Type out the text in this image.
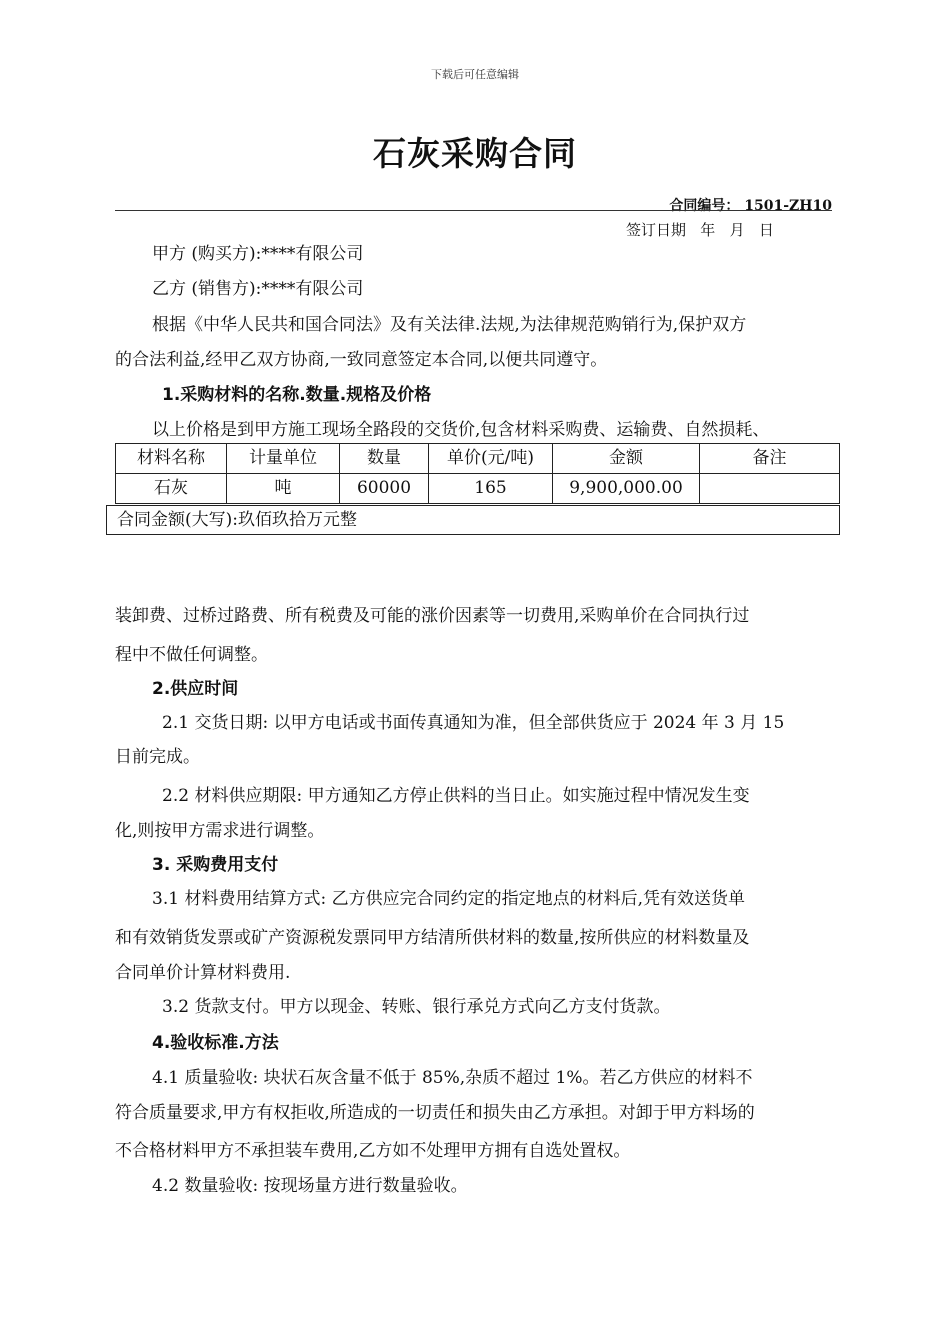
下载后可任意编辑
石灰采购合同
合同编号： 1501-ZH10
签订日期   年   月   日
甲方 (购买方):****有限公司
乙方 (销售方):****有限公司
根据《中华人民共和国合同法》及有关法律.法规,为法律规范购销行为,保护双方
的合法利益,经甲乙双方协商,一致同意签定本合同,以便共同遵守。
1.采购材料的名称.数量.规格及价格
以上价格是到甲方施工现场全路段的交货价,包含材料采购费、运输费、自然损耗、
材料名称	计量单位	数量	单价(元/吨)	金额	备注
石灰	吨	60000	165	9,900,000.00	
合同金额(大写):玖佰玖拾万元整
装卸费、过桥过路费、所有税费及可能的涨价因素等一切费用,采购单价在合同执行过
程中不做任何调整。
2.供应时间
2.1 交货日期: 以甲方电话或书面传真通知为准，但全部供货应于 2024 年 3 月 15
日前完成。
2.2 材料供应期限: 甲方通知乙方停止供料的当日止。如实施过程中情况发生变
化,则按甲方需求进行调整。
3. 采购费用支付
3.1 材料费用结算方式: 乙方供应完合同约定的指定地点的材料后,凭有效送货单
和有效销货发票或矿产资源税发票同甲方结清所供材料的数量,按所供应的材料数量及
合同单价计算材料费用.
3.2 货款支付。甲方以现金、转账、银行承兑方式向乙方支付货款。
4.验收标准.方法
4.1 质量验收: 块状石灰含量不低于 85%,杂质不超过 1%。若乙方供应的材料不
符合质量要求,甲方有权拒收,所造成的一切责任和损失由乙方承担。对卸于甲方料场的
不合格材料甲方不承担装车费用,乙方如不处理甲方拥有自选处置权。
4.2 数量验收: 按现场量方进行数量验收。
